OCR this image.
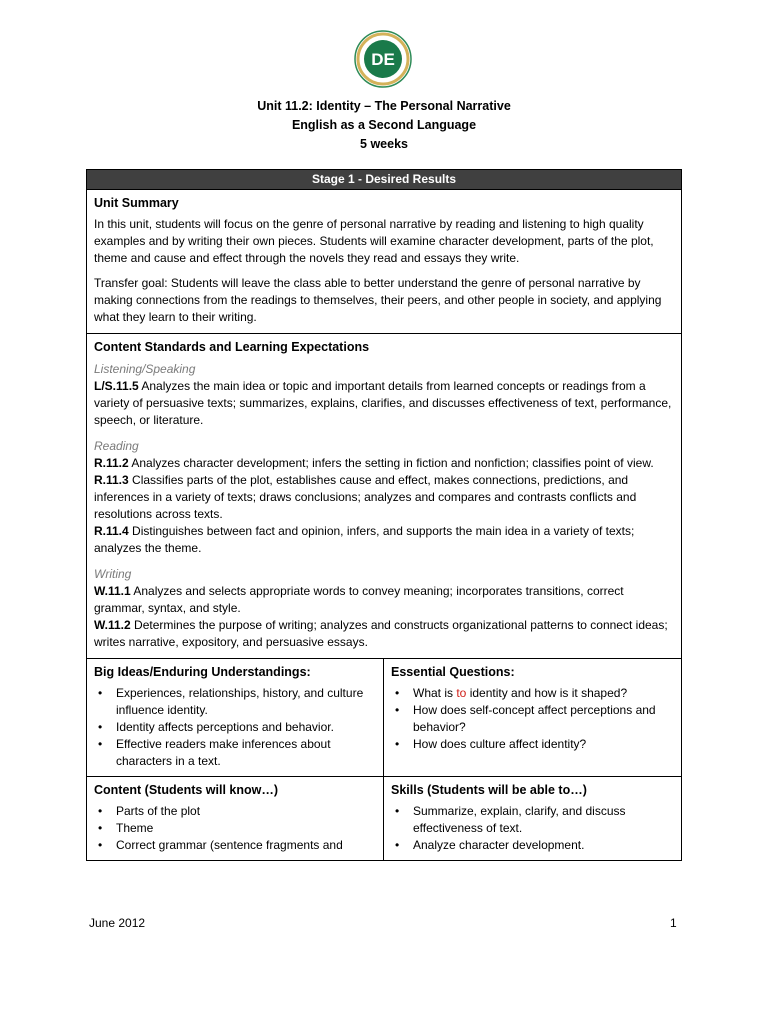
DE
Unit 11.2: Identity – The Personal Narrative
English as a Second Language
5 weeks
Stage 1 - Desired Results
Unit Summary

In this unit, students will focus on the genre of personal narrative by reading and listening to high quality examples and by writing their own pieces. Students will examine character development, parts of the plot, theme and cause and effect through the novels they read and essays they write.

Transfer goal: Students will leave the class able to better understand the genre of personal narrative by making connections from the readings to themselves, their peers, and other people in society, and applying what they learn to their writing.

Content Standards and Learning Expectations
Listening/Speaking

L/S.11.5 Analyzes the main idea or topic and important details from learned concepts or readings from a variety of persuasive texts; summarizes, explains, clarifies, and discusses effectiveness of text, performance, speech, or literature.

Reading

R.11.2 Analyzes character development; infers the setting in fiction and nonfiction; classifies point of view.

R.11.3 Classifies parts of the plot, establishes cause and effect, makes connections, predictions, and inferences in a variety of texts; draws conclusions; analyzes and compares and contrasts conflicts and resolutions across texts.

R.11.4 Distinguishes between fact and opinion, infers, and supports the main idea in a variety of texts; analyzes the theme.

Writing

W.11.1 Analyzes and selects appropriate words to convey meaning; incorporates transitions, correct grammar, syntax, and style.

W.11.2 Determines the purpose of writing; analyzes and constructs organizational patterns to connect ideas; writes narrative, expository, and persuasive essays.

Big Ideas/Enduring Understandings:
• Experiences, relationships, history, and culture influence identity.
• Identity affects perceptions and behavior.
• Effective readers make inferences about characters in a text.
Essential Questions:
• What is to identity and how is it shaped?
• How does self-concept affect perceptions and behavior?
• How does culture affect identity?
Content (Students will know…)
• Parts of the plot
• Theme
• Correct grammar (sentence fragments and
Skills (Students will be able to…)
• Summarize, explain, clarify, and discuss effectiveness of text.
• Analyze character development.
June 2012	1
